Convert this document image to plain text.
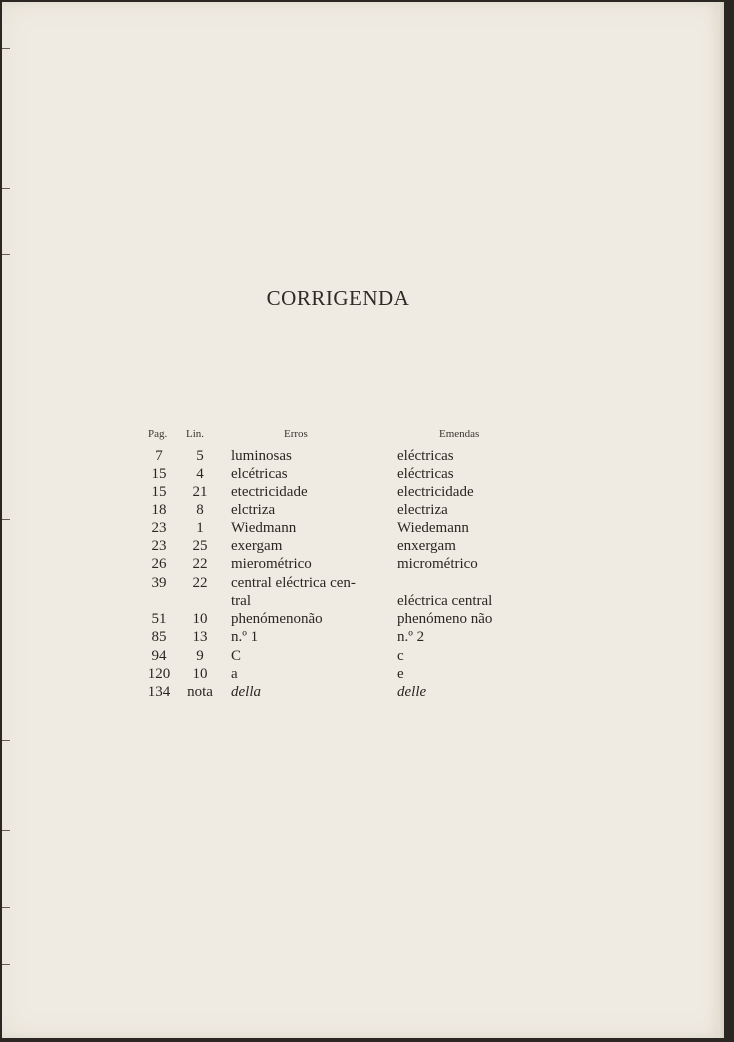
CORRIGENDA
Pag. Lin.	Erros	Emendas
7	5	luminosas	eléctricas
15	4	elcétricas	eléctricas
15	21	etectricidade	electricidade
18	8	elctriza	electriza
23	1	Wiedmann	Wiedemann
23	25	exergam	enxergam
26	22	mierométrico	micrométrico
39	22	central eléctrica cen-
tral	eléctrica central
51	10	phenómenonão	phenómeno não
85	13	n.º 1	n.º 2
94	9	C	c
120	10	a	e
134	nota	della	delle
